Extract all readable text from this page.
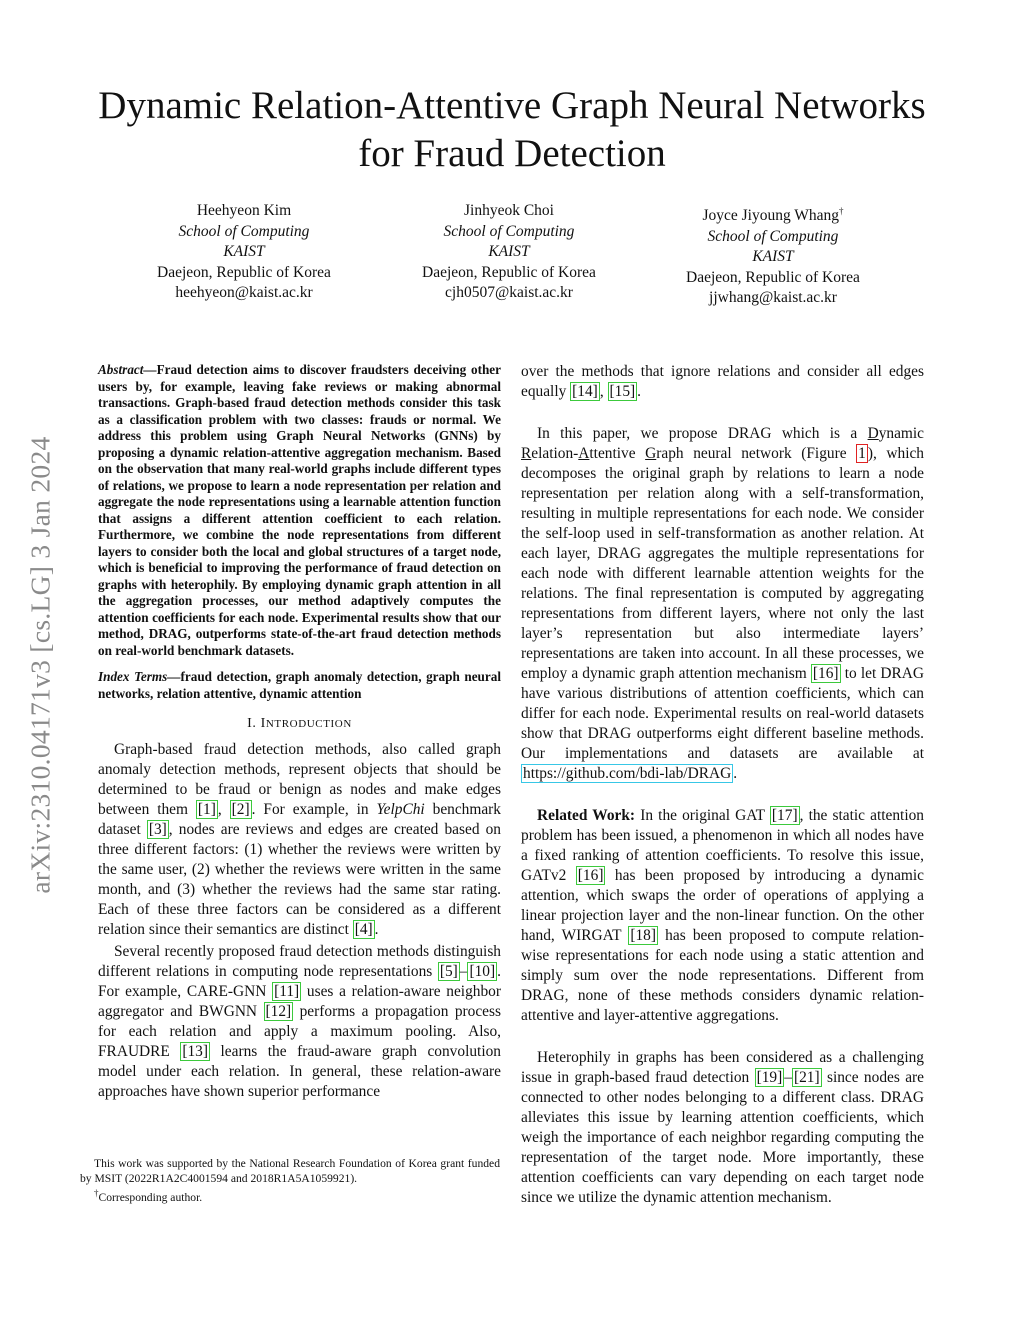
arXiv:2310.04171v3 [cs.LG] 3 Jan 2024
Dynamic Relation-Attentive Graph Neural Networks
for Fraud Detection
Heehyeon Kim
School of Computing
KAIST
Daejeon, Republic of Korea
heehyeon@kaist.ac.kr
Jinhyeok Choi
School of Computing
KAIST
Daejeon, Republic of Korea
cjh0507@kaist.ac.kr
Joyce Jiyoung Whang†
School of Computing
KAIST
Daejeon, Republic of Korea
jjwhang@kaist.ac.kr

Abstract—Fraud detection aims to discover fraudsters deceiving other users by, for example, leaving fake reviews or making abnormal transactions. Graph-based fraud detection methods consider this task as a classification problem with two classes: frauds or normal. We address this problem using Graph Neural Networks (GNNs) by proposing a dynamic relation-attentive aggregation mechanism. Based on the observation that many real-world graphs include different types of relations, we propose to learn a node representation per relation and aggregate the node representations using a learnable attention function that assigns a different attention coefficient to each relation. Furthermore, we combine the node representations from different layers to consider both the local and global structures of a target node, which is beneficial to improving the performance of fraud detection on graphs with heterophily. By employing dynamic graph attention in all the aggregation processes, our method adaptively computes the attention coefficients for each node. Experimental results show that our method, DRAG, outperforms state-of-the-art fraud detection methods on real-world benchmark datasets.

Index Terms—fraud detection, graph anomaly detection, graph neural networks, relation attentive, dynamic attention

I. INTRODUCTION

Graph-based fraud detection methods, also called graph anomaly detection methods, represent objects that should be determined to be fraud or benign as nodes and make edges between them [1] , [2] . For example, in YelpChi benchmark dataset [3] , nodes are reviews and edges are created based on three different factors: (1) whether the reviews were written by the same user, (2) whether the reviews were written in the same month, and (3) whether the reviews had the same star rating. Each of these three factors can be considered as a different relation since their semantics are distinct [4] .

Several recently proposed fraud detection methods distinguish different relations in computing node representations [5] – [10] . For example, CARE-GNN [11] uses a relation-aware neighbor aggregator and BWGNN [12] performs a propagation process for each relation and apply a maximum pooling. Also, FRAUDRE [13] learns the fraud-aware graph convolution model under each relation. In general, these relation-aware approaches have shown superior performance

This work was supported by the National Research Foundation of Korea grant funded by MSIT (2022R1A2C4001594 and 2018R1A5A1059921).

†Corresponding author.

over the methods that ignore relations and consider all edges equally [14] , [15] .

In this paper, we propose DRAG which is a Dynamic Relation-Attentive Graph neural network (Figure 1 ), which decomposes the original graph by relations to learn a node representation per relation along with a self-transformation, resulting in multiple representations for each node. We consider the self-loop used in self-transformation as another relation. At each layer, DRAG aggregates the multiple representations for each node with different learnable attention weights for the relations. The final representation is computed by aggregating representations from different layers, where not only the last layer’s representation but also intermediate layers’ representations are taken into account. In all these processes, we employ a dynamic graph attention mechanism [16] to let DRAG have various distributions of attention coefficients, which can differ for each node. Experimental results on real-world datasets show that DRAG outperforms eight different baseline methods. Our implementations and datasets are available at https://github.com/bdi-lab/DRAG .

Related Work: In the original GAT [17] , the static attention problem has been issued, a phenomenon in which all nodes have a fixed ranking of attention coefficients. To resolve this issue, GATv2 [16] has been proposed by introducing a dynamic attention, which swaps the order of operations of applying a linear projection layer and the non-linear function. On the other hand, WIRGAT [18] has been proposed to compute relation-wise representations for each node using a static attention and simply sum over the node representations. Different from DRAG, none of these methods considers dynamic relation-attentive and layer-attentive aggregations.

Heterophily in graphs has been considered as a challenging issue in graph-based fraud detection [19] – [21] since nodes are connected to other nodes belonging to a different class. DRAG alleviates this issue by learning attention coefficients, which weigh the importance of each neighbor regarding computing the representation of the target node. More importantly, these attention coefficients can vary depending on each target node since we utilize the dynamic attention mechanism.
